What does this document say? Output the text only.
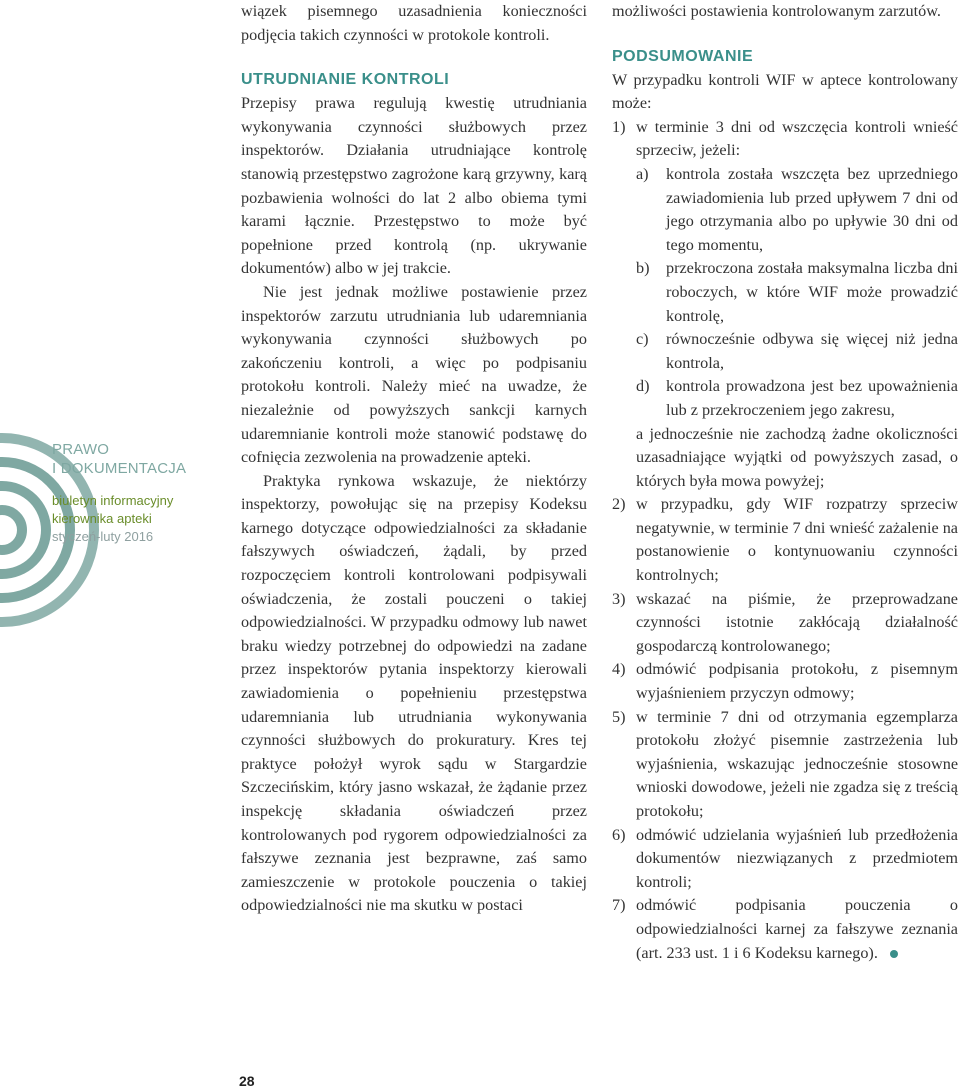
PRAWO
I DOKUMENTACJA
biuletyn informacyjny
kierownika apteki
styczeń-luty 2016

wiązek pisemnego uzasadnienia konieczności podjęcia takich czynności w protokole kontroli.

UTRUDNIANIE KONTROLI

Przepisy prawa regulują kwestię utrudniania wykonywania czynności służbowych przez inspektorów. Działania utrudniające kontrolę stanowią przestępstwo zagrożone karą grzywny, karą pozbawienia wolności do lat 2 albo obiema tymi karami łącznie. Przestępstwo to może być popełnione przed kontrolą (np. ukrywanie dokumentów) albo w jej trakcie.

Nie jest jednak możliwe postawienie przez inspektorów zarzutu utrudniania lub udaremniania wykonywania czynności służbowych po zakończeniu kontroli, a więc po podpisaniu protokołu kontroli. Należy mieć na uwadze, że niezależnie od powyższych sankcji karnych udaremnianie kontroli może stanowić podstawę do cofnięcia zezwolenia na prowadzenie apteki.

Praktyka rynkowa wskazuje, że niektórzy inspektorzy, powołując się na przepisy Kodeksu karnego dotyczące odpowiedzialności za składanie fałszywych oświadczeń, żądali, by przed rozpoczęciem kontroli kontrolowani podpisywali oświadczenia, że zostali pouczeni o takiej odpowiedzialności. W przypadku odmowy lub nawet braku wiedzy potrzebnej do odpowiedzi na zadane przez inspektorów pytania inspektorzy kierowali zawiadomienia o popełnieniu przestępstwa udaremniania lub utrudniania wykonywania czynności służbowych do prokuratury. Kres tej praktyce położył wyrok sądu w Stargardzie Szczecińskim, który jasno wskazał, że żądanie przez inspekcję składania oświadczeń przez kontrolowanych pod rygorem odpowiedzialności za fałszywe zeznania jest bezprawne, zaś samo zamieszczenie w protokole pouczenia o takiej odpowiedzialności nie ma skutku w postaci

możliwości postawienia kontrolowanym zarzutów.

PODSUMOWANIE

W przypadku kontroli WIF w aptece kontrolowany może:

1) w terminie 3 dni od wszczęcia kontroli wnieść sprzeciw, jeżeli:
a)	kontrola została wszczęta bez uprzedniego zawiadomienia lub przed upływem 7 dni od jego otrzymania albo po upływie 30 dni od tego momentu,
b)	przekroczona została maksymalna liczba dni roboczych, w które WIF może prowadzić kontrolę,
c)	równocześnie odbywa się więcej niż jedna kontrola,
d)	kontrola prowadzona jest bez upoważnienia lub z przekroczeniem jego zakresu,

a jednocześnie nie zachodzą żadne okoliczności uzasadniające wyjątki od powyższych zasad, o których była mowa powyżej;

2) w przypadku, gdy WIF rozpatrzy sprzeciw negatywnie, w terminie 7 dni wnieść zażalenie na postanowienie o kontynuowaniu czynności kontrolnych;
3) wskazać na piśmie, że przeprowadzane czynności istotnie zakłócają działalność gospodarczą kontrolowanego;
4) odmówić podpisania protokołu, z pisemnym wyjaśnieniem przyczyn odmowy;
5) w terminie 7 dni od otrzymania egzemplarza protokołu złożyć pisemnie zastrzeżenia lub wyjaśnienia, wskazując jednocześnie stosowne wnioski dowodowe, jeżeli nie zgadza się z treścią protokołu;
6) odmówić udzielania wyjaśnień lub przedłożenia dokumentów niezwiązanych z przedmiotem kontroli;
7) odmówić podpisania pouczenia o odpowiedzialności karnej za fałszywe zeznania (art. 233 ust. 1 i 6 Kodeksu karnego).
28
